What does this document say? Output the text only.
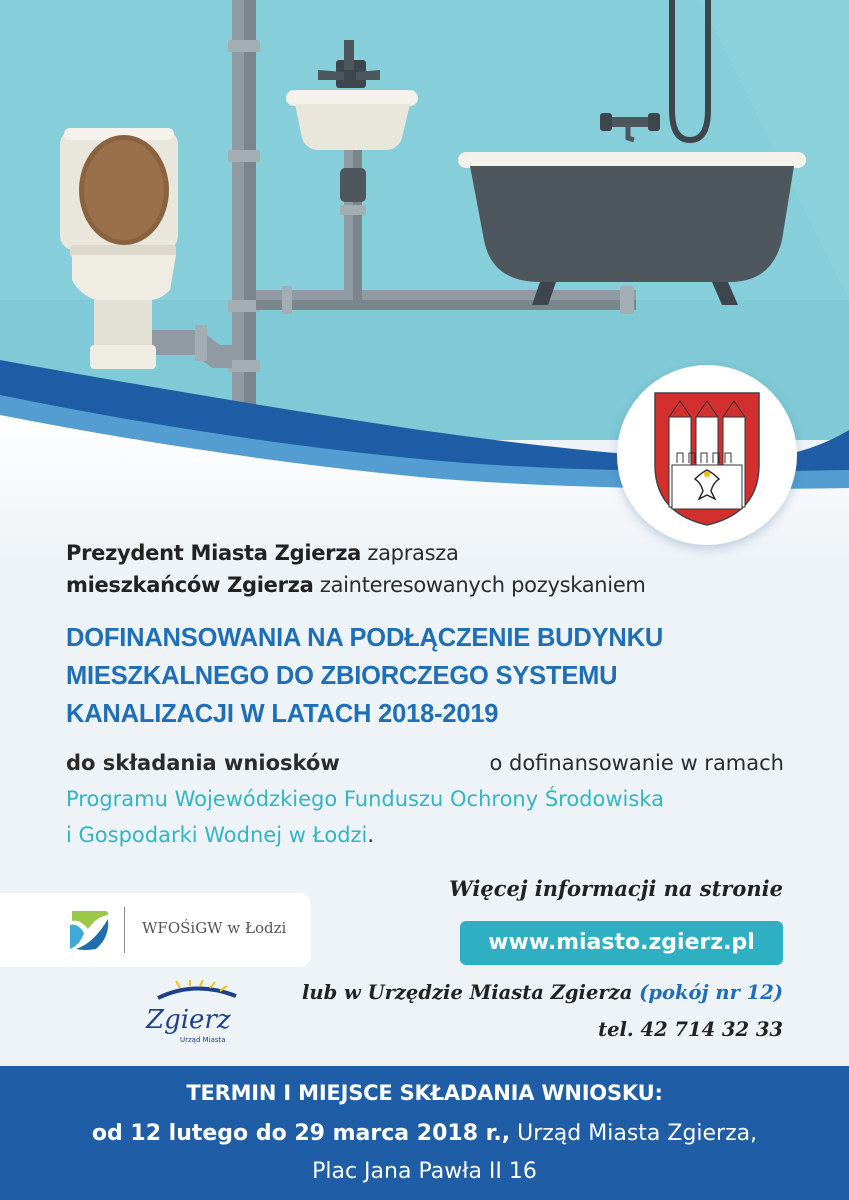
Prezydent Miasta Zgierza zaprasza
mieszkańców Zgierza zainteresowanych pozyskaniem
DOFINANSOWANIA NA PODŁĄCZENIE BUDYNKU
MIESZKALNEGO DO ZBIORCZEGO SYSTEMU
KANALIZACJI W LATACH 2018-2019
do składania wniosków	o dofinansowanie w ramach
Programu Wojewódzkiego Funduszu Ochrony Środowiska
i Gospodarki Wodnej w Łodzi.
WFOŚiGW w Łodzi
Zgierz
Urząd Miasta
Więcej informacji na stronie
www.miasto.zgierz.pl
lub w Urzędzie Miasta Zgierza (pokój nr 12)
tel. 42 714 32 33
TERMIN I MIEJSCE SKŁADANIA WNIOSKU:
od 12 lutego do 29 marca 2018 r., Urząd Miasta Zgierza,
Plac Jana Pawła II 16
